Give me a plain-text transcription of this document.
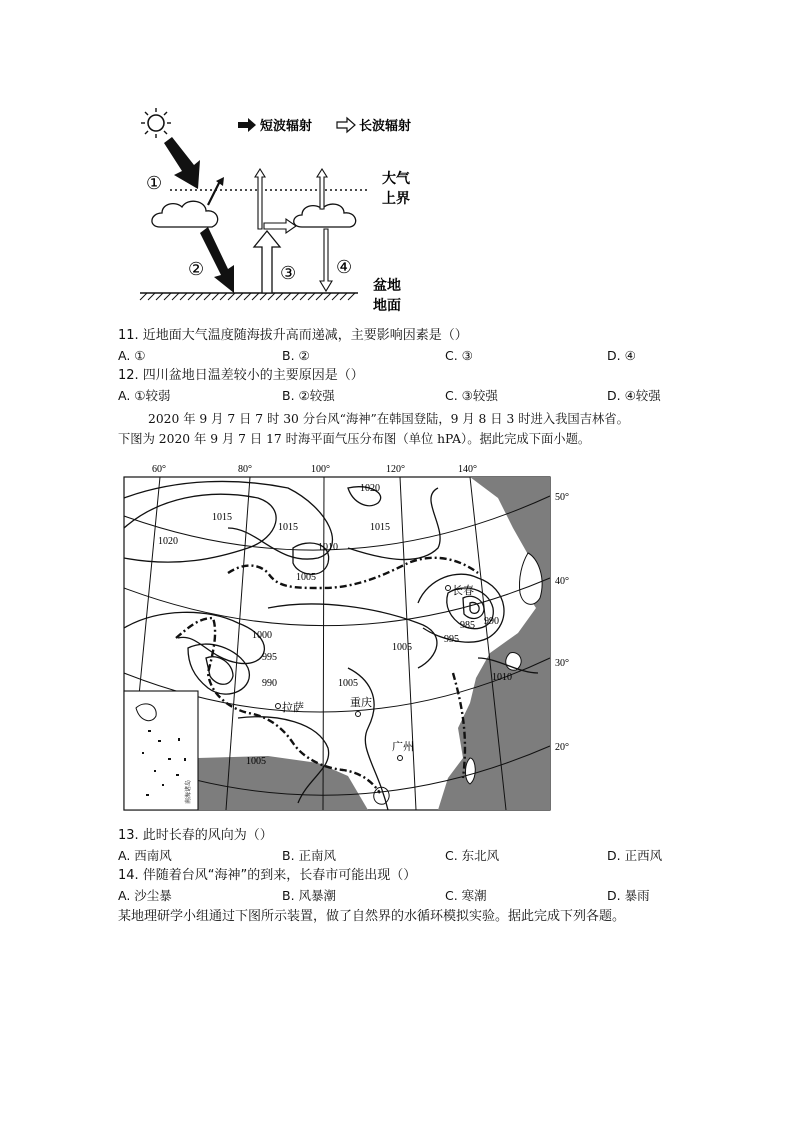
短波辐射	长波辐射
大气
上界
①
②
盆地
地面
③ ④
11. 近地面大气温度随海拔升高而递减，主要影响因素是（）
A. ①	B. ②	C. ③	D. ④
12. 四川盆地日温差较小的主要原因是（）
A. ①较弱	B. ②较强	C. ③较强	D. ④较强
2020 年 9 月 7 日 7 时 30 分台风“海神”在韩国登陆，9 月 8 日 3 时进入我国吉林省。
下图为 2020 年 9 月 7 日 17 时海平面气压分布图（单位 hPA）。据此完成下面小题。
南海诸岛
60°	80°	100°	120°	140°
50°
40°
30°
20°
1020
1015
1015
1010
1015
1020
1005
1000
995
990	1005
985
995
990
1005
1010
1005
长春
拉萨	重庆
广州
13. 此时长春的风向为（）
A. 西南风	B. 正南风	C. 东北风	D. 正西风
14. 伴随着台风“海神”的到来，长春市可能出现（）
A. 沙尘暴	B. 风暴潮	C. 寒潮	D. 暴雨
某地理研学小组通过下图所示装置，做了自然界的水循环模拟实验。据此完成下列各题。
